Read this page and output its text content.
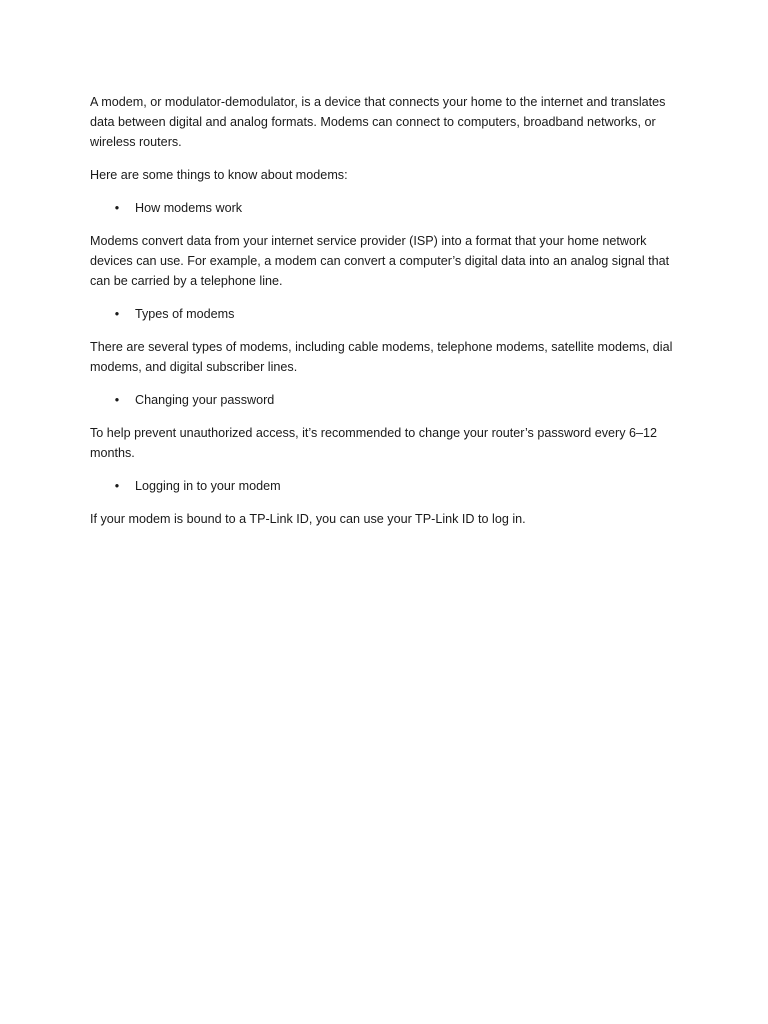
A modem, or modulator-demodulator, is a device that connects your home to the internet and translates data between digital and analog formats. Modems can connect to computers, broadband networks, or wireless routers.

Here are some things to know about modems:

• How modems work

Modems convert data from your internet service provider (ISP) into a format that your home network devices can use. For example, a modem can convert a computer’s digital data into an analog signal that can be carried by a telephone line.

• Types of modems

There are several types of modems, including cable modems, telephone modems, satellite modems, dial modems, and digital subscriber lines.

• Changing your password

To help prevent unauthorized access, it’s recommended to change your router’s password every 6–12 months.

• Logging in to your modem

If your modem is bound to a TP-Link ID, you can use your TP-Link ID to log in.
